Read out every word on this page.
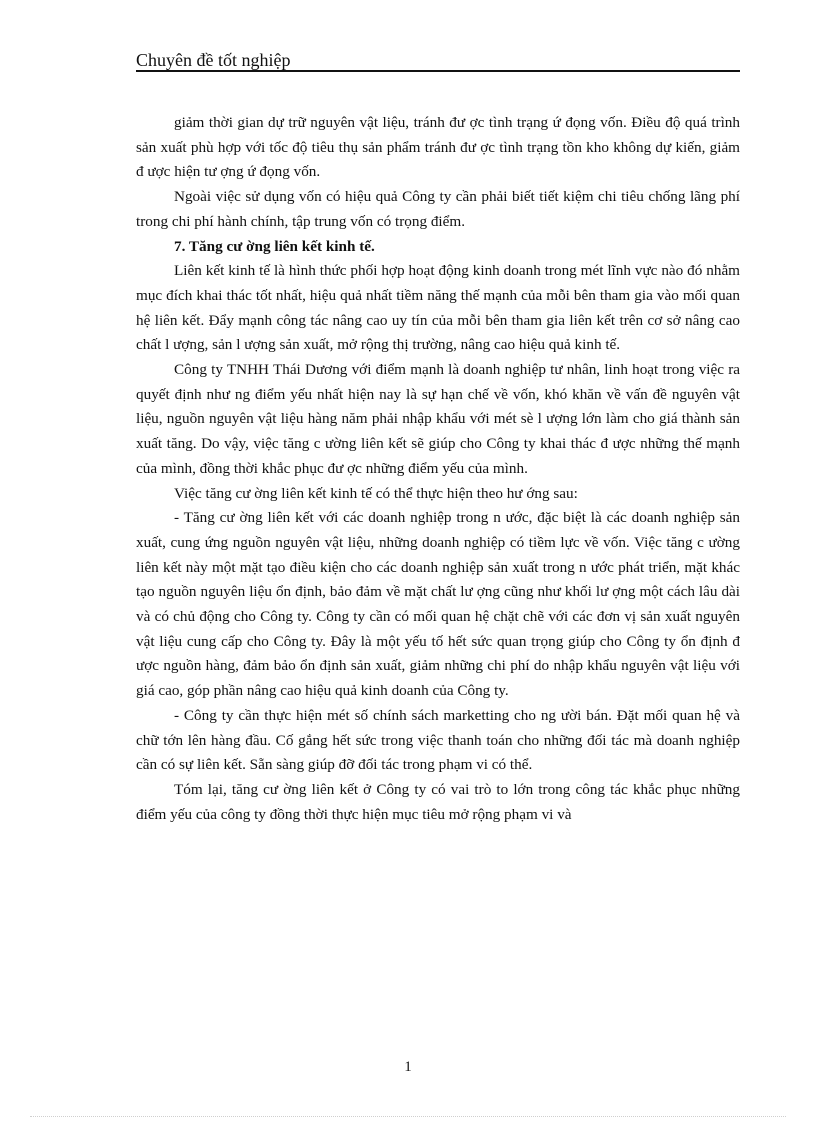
Chuyên đề tốt nghiệp

giảm thời gian dự trữ nguyên vật liệu, tránh đư ợc tình trạng ứ đọng vốn. Điều độ quá trình sản xuất phù hợp với tốc độ tiêu thụ sản phẩm tránh đư ợc tình trạng tồn kho không dự kiến, giảm đ ược hiện tư ợng ứ đọng vốn.

Ngoài việc sử dụng vốn có hiệu quả Công ty cần phải biết tiết kiệm chi tiêu chống lãng phí trong chi phí hành chính, tập trung vốn có trọng điểm.

7. Tăng cư ờng liên kết kinh tế.

Liên kết kinh tế là hình thức phối hợp hoạt động kinh doanh trong mét lĩnh vực nào đó nhằm mục đích khai thác tốt nhất, hiệu quả nhất tiềm năng thế mạnh của mỗi bên tham gia vào mối quan hệ liên kết. Đẩy mạnh công tác nâng cao uy tín của mỗi bên tham gia liên kết trên cơ sở nâng cao chất l ượng, sản l ượng sản xuất, mở rộng thị trường, nâng cao hiệu quả kinh tế.

Công ty TNHH Thái Dương với điểm mạnh là doanh nghiệp tư nhân, linh hoạt trong việc ra quyết định như ng điểm yếu nhất hiện nay là sự hạn chế về vốn, khó khăn về vấn đề nguyên vật liệu, nguồn nguyên vật liệu hàng năm phải nhập khẩu với mét sè l ượng lớn làm cho giá thành sản xuất tăng. Do vậy, việc tăng c ường liên kết sẽ giúp cho Công ty khai thác đ ược những thế mạnh của mình, đồng thời khắc phục đư ợc những điểm yếu của mình.

Việc tăng cư ờng liên kết kinh tế có thể thực hiện theo hư ớng sau:

- Tăng cư ờng liên kết với các doanh nghiệp trong n ước, đặc biệt là các doanh nghiệp sản xuất, cung ứng nguồn nguyên vật liệu, những doanh nghiệp có tiềm lực về vốn. Việc tăng c ường liên kết này một mặt tạo điều kiện cho các doanh nghiệp sản xuất trong n ước phát triển, mặt khác tạo nguồn nguyên liệu ổn định, bảo đảm về mặt chất lư ợng cũng như khối lư ợng một cách lâu dài và có chủ động cho Công ty. Công ty cần có mối quan hệ chặt chẽ với các đơn vị sản xuất nguyên vật liệu cung cấp cho Công ty. Đây là một yếu tố hết sức quan trọng giúp cho Công ty ổn định đ ược nguồn hàng, đảm bảo ổn định sản xuất, giảm những chi phí do nhập khẩu nguyên vật liệu với giá cao, góp phần nâng cao hiệu quả kinh doanh của Công ty.

- Công ty cần thực hiện mét số chính sách marketting cho ng ười bán. Đặt mối quan hệ và chữ tớn lên hàng đầu. Cố gắng hết sức trong việc thanh toán cho những đối tác mà doanh nghiệp cần có sự liên kết. Sẵn sàng giúp đỡ đối tác trong phạm vi có thể.

Tóm lại, tăng cư ờng liên kết ở Công ty có vai trò to lớn trong công tác khắc phục những điểm yếu của công ty đồng thời thực hiện mục tiêu mở rộng phạm vi và

1
